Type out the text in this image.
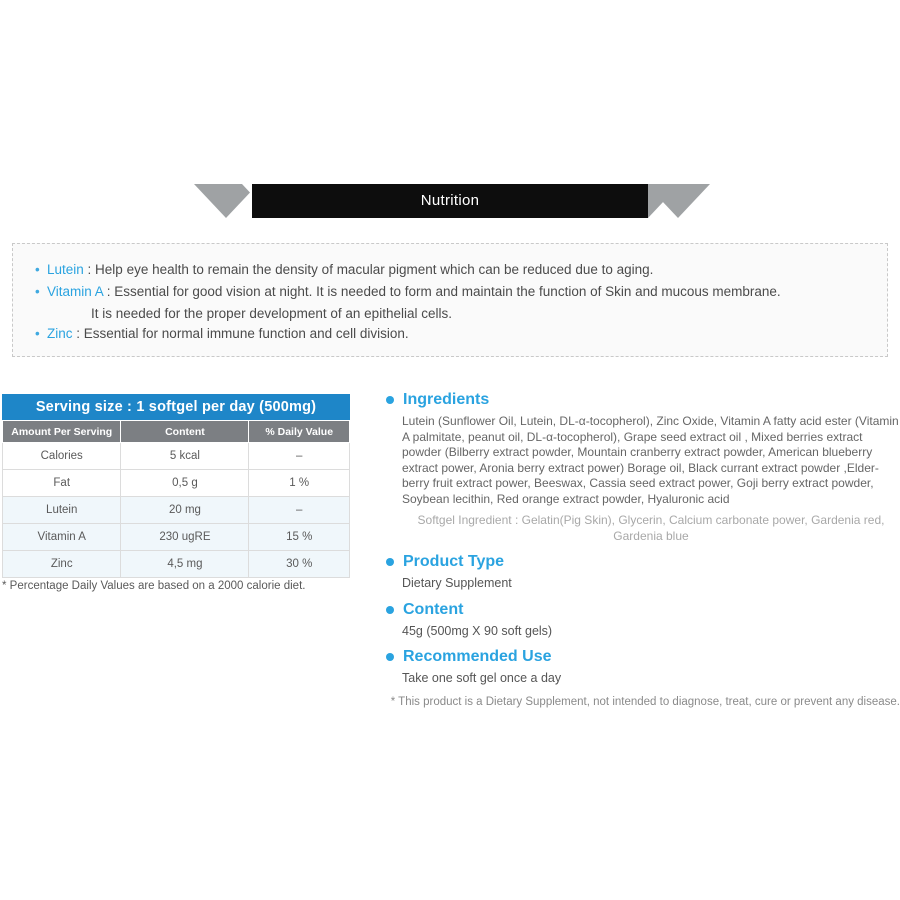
Nutrition
• Lutein : Help eye health to remain the density of macular pigment which can be reduced due to aging.
• Vitamin A : Essential for good vision at night. It is needed to form and maintain the function of Skin and mucous membrane.
It is needed for the proper development of an epithelial cells.
• Zinc : Essential for normal immune function and cell division.
Serving size : 1 softgel per day (500mg)
Amount Per Serving	Content	% Daily Value
Calories	5 kcal	–
Fat	0,5 g	1 %
Lutein	20 mg	–
Vitamin A	230 ugRE	15 %
Zinc	4,5 mg	30 %
* Percentage Daily Values are based on a 2000 calorie diet.
Ingredients
Lutein (Sunflower Oil, Lutein, DL-α-tocopherol), Zinc Oxide, Vitamin A fatty acid ester (Vitamin A palmitate, peanut oil, DL-α-tocopherol), Grape seed extract oil , Mixed berries extract powder (Bilberry extract powder, Mountain cranberry extract powder, American blueberry extract power, Aronia berry extract power) Borage oil, Black currant extract powder ,Elder-berry fruit extract power, Beeswax, Cassia seed extract power, Goji berry extract powder, Soybean lecithin, Red orange extract powder, Hyaluronic acid
Softgel Ingredient : Gelatin(Pig Skin), Glycerin, Calcium carbonate power, Gardenia red, Gardenia blue
Product Type
Dietary Supplement
Content
45g (500mg X 90 soft gels)
Recommended Use
Take one soft gel once a day
* This product is a Dietary Supplement, not intended to diagnose, treat, cure or prevent any disease.
